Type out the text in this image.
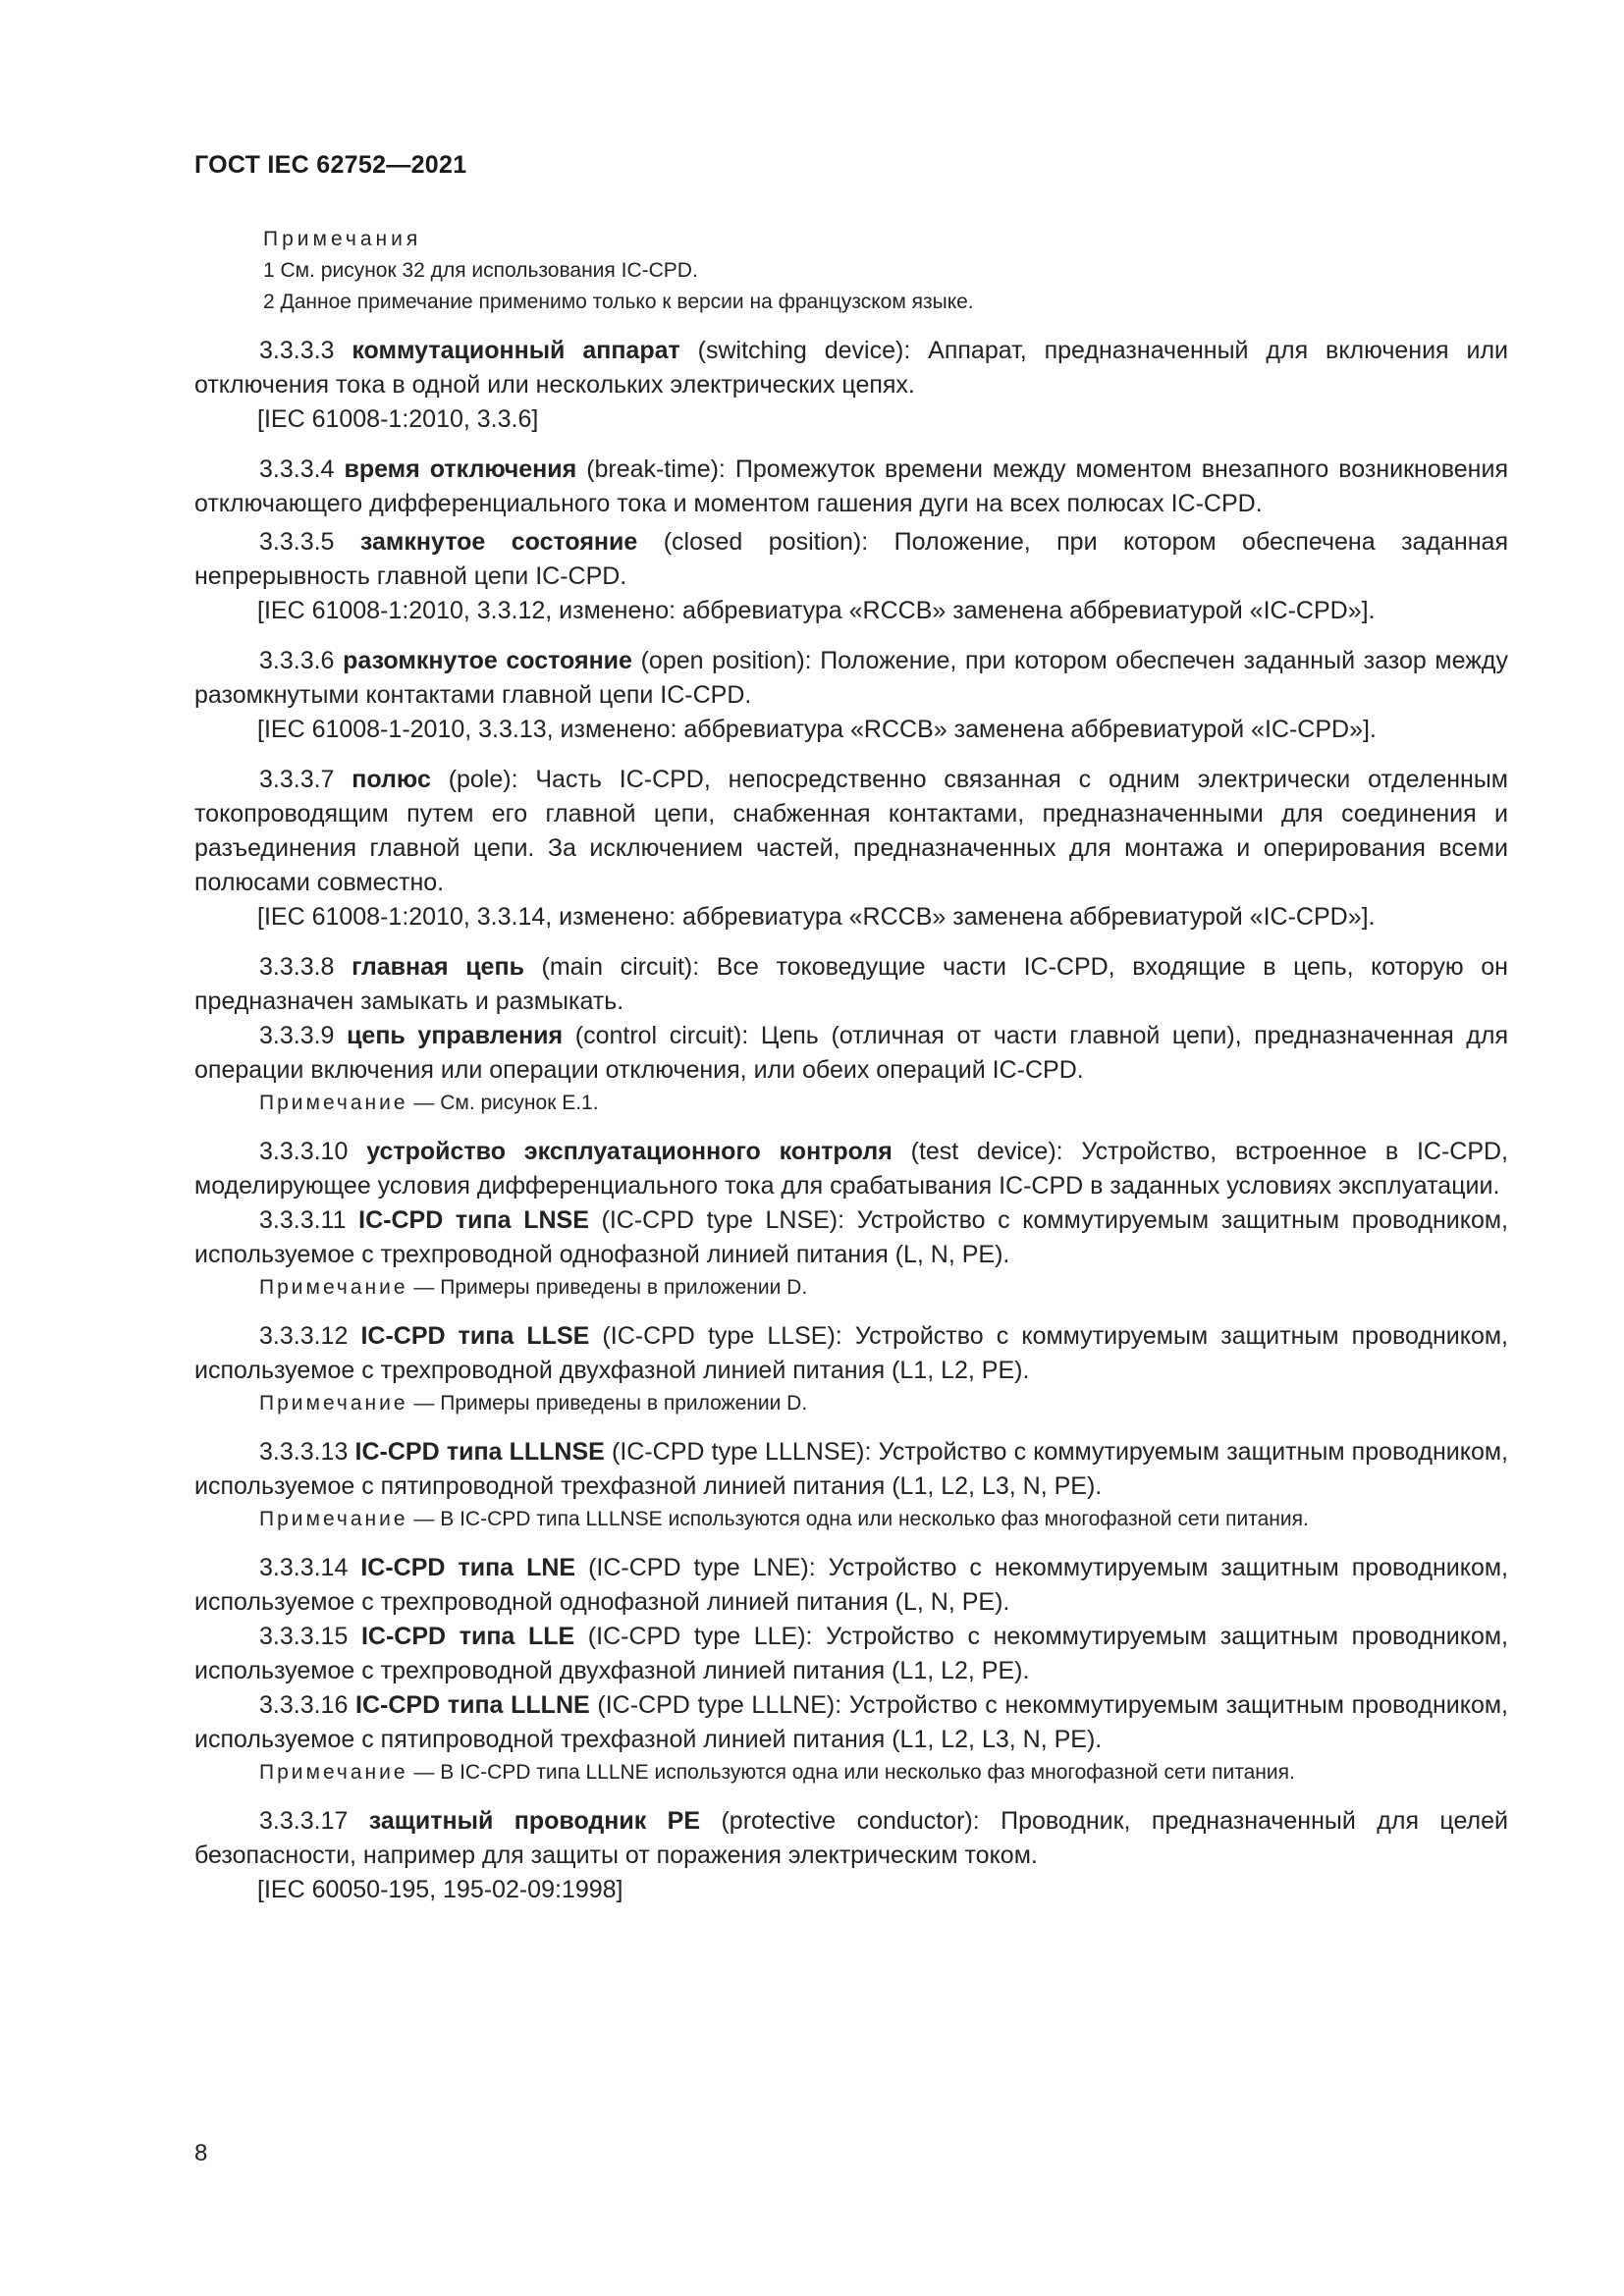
ГОСТ IEC 62752—2021
Примечания
1 См. рисунок 32 для использования IC-CPD.
2 Данное примечание применимо только к версии на французском языке.

3.3.3.3 коммутационный аппарат (switching device): Аппарат, предназначенный для включения или отключения тока в одной или нескольких электрических цепях.

[IEC 61008-1:2010, 3.3.6]

3.3.3.4 время отключения (break-time): Промежуток времени между моментом внезапного возникновения отключающего дифференциального тока и моментом гашения дуги на всех полюсах IC-CPD.

3.3.3.5 замкнутое состояние (closed position): Положение, при котором обеспечена заданная непрерывность главной цепи IC-CPD.

[IEC 61008-1:2010, 3.3.12, изменено: аббревиатура «RCCB» заменена аббревиатурой «IC-CPD»].

3.3.3.6 разомкнутое состояние (open position): Положение, при котором обеспечен заданный зазор между разомкнутыми контактами главной цепи IC-CPD.

[IEC 61008-1-2010, 3.3.13, изменено: аббревиатура «RCCB» заменена аббревиатурой «IC-CPD»].

3.3.3.7 полюс (pole): Часть IC-CPD, непосредственно связанная с одним электрически отделенным токопроводящим путем его главной цепи, снабженная контактами, предназначенными для соединения и разъединения главной цепи. За исключением частей, предназначенных для монтажа и оперирования всеми полюсами совместно.

[IEC 61008-1:2010, 3.3.14, изменено: аббревиатура «RCCB» заменена аббревиатурой «IC-CPD»].

3.3.3.8 главная цепь (main circuit): Все токоведущие части IC-CPD, входящие в цепь, которую он предназначен замыкать и размыкать.

3.3.3.9 цепь управления (control circuit): Цепь (отличная от части главной цепи), предназначенная для операции включения или операции отключения, или обеих операций IC-CPD.

Примечание — См. рисунок Е.1.

3.3.3.10 устройство эксплуатационного контроля (test device): Устройство, встроенное в IC-CPD, моделирующее условия дифференциального тока для срабатывания IC-CPD в заданных условиях эксплуатации.

3.3.3.11 IC-CPD типа LNSE (IC-CPD type LNSE): Устройство с коммутируемым защитным проводником, используемое с трехпроводной однофазной линией питания (L, N, PE).

Примечание — Примеры приведены в приложении D.

3.3.3.12 IC-CPD типа LLSE (IC-CPD type LLSE): Устройство с коммутируемым защитным проводником, используемое с трехпроводной двухфазной линией питания (L1, L2, PE).

Примечание — Примеры приведены в приложении D.

3.3.3.13 IC-CPD типа LLLNSE (IC-CPD type LLLNSE): Устройство с коммутируемым защитным проводником, используемое с пятипроводной трехфазной линией питания (L1, L2, L3, N, PE).

Примечание — В IC-CPD типа LLLNSE используются одна или несколько фаз многофазной сети питания.

3.3.3.14 IC-CPD типа LNE (IC-CPD type LNE): Устройство с некоммутируемым защитным проводником, используемое с трехпроводной однофазной линией питания (L, N, PE).

3.3.3.15 IC-CPD типа LLE (IC-CPD type LLE): Устройство с некоммутируемым защитным проводником, используемое с трехпроводной двухфазной линией питания (L1, L2, PE).

3.3.3.16 IC-CPD типа LLLNE (IC-CPD type LLLNE): Устройство с некоммутируемым защитным проводником, используемое с пятипроводной трехфазной линией питания (L1, L2, L3, N, PE).

Примечание — В IC-CPD типа LLLNE используются одна или несколько фаз многофазной сети питания.

3.3.3.17 защитный проводник PE (protective conductor): Проводник, предназначенный для целей безопасности, например для защиты от поражения электрическим током.

[IEC 60050-195, 195-02-09:1998]

8
